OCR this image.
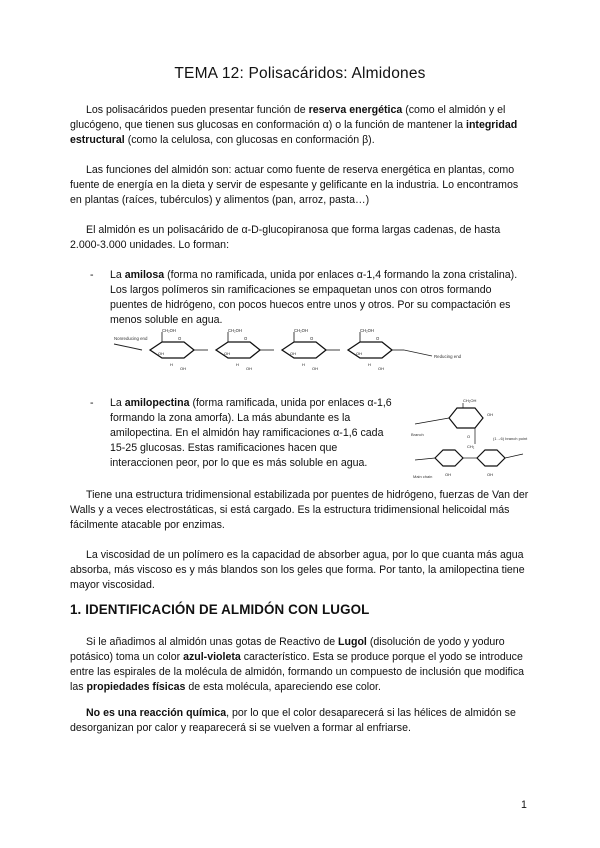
TEMA 12: Polisacáridos: Almidones

Los polisacáridos pueden presentar función de reserva energética (como el almidón y el glucógeno, que tienen sus glucosas en conformación α) o la función de mantener la integridad estructural (como la celulosa, con glucosas en conformación β).

Las funciones del almidón son: actuar como fuente de reserva energética en plantas, como fuente de energía en la dieta y servir de espesante y gelificante en la industria. Lo encontramos en plantas (raíces, tubérculos) y alimentos (pan, arroz, pasta…)

El almidón es un polisacárido de α-D-glucopiranosa que forma largas cadenas, de hasta 2.000-3.000 unidades. Lo forman:

- La amilosa (forma no ramificada, unida por enlaces α-1,4 formando la zona cristalina). Los largos polímeros sin ramificaciones se empaquetan unos con otros formando puentes de hidrógeno, con pocos huecos entre unos y otros. Por su compactación es menos soluble en agua.

Nonreducing end
CH₂OH
O
OH
H
OH
CH₂OH
O
OH
H
OH
CH₂OH
O
OH
H
OH
CH₂OH
O
OH
H
OH
Reducing end
- La amilopectina (forma ramificada, unida por enlaces α-1,6 formando la zona amorfa). La más abundante es la amilopectina. En el almidón hay ramificaciones α-1,6 cada 15-25 glucosas. Estas ramificaciones hacen que interaccionen peor, por lo que es más soluble en agua.

CH₂OH
OH
Branch	O	(1→6) branch point
CH₂
OH	OH
Main chain

Tiene una estructura tridimensional estabilizada por puentes de hidrógeno, fuerzas de Van der Walls y a veces electrostáticas, si está cargado. Es la estructura tridimensional helicoidal más fácilmente atacable por enzimas.

La viscosidad de un polímero es la capacidad de absorber agua, por lo que cuanta más agua absorba, más viscoso es y más blandos son los geles que forma. Por tanto, la amilopectina tiene mayor viscosidad.

1. IDENTIFICACIÓN DE ALMIDÓN CON LUGOL

Si le añadimos al almidón unas gotas de Reactivo de Lugol (disolución de yodo y yoduro potásico) toma un color azul-violeta característico. Esta se produce porque el yodo se introduce entre las espirales de la molécula de almidón, formando un compuesto de inclusión que modifica las propiedades físicas de esta molécula, apareciendo ese color.

No es una reacción química, por lo que el color desaparecerá si las hélices de almidón se desorganizan por calor y reaparecerá si se vuelven a formar al enfriarse.

1
